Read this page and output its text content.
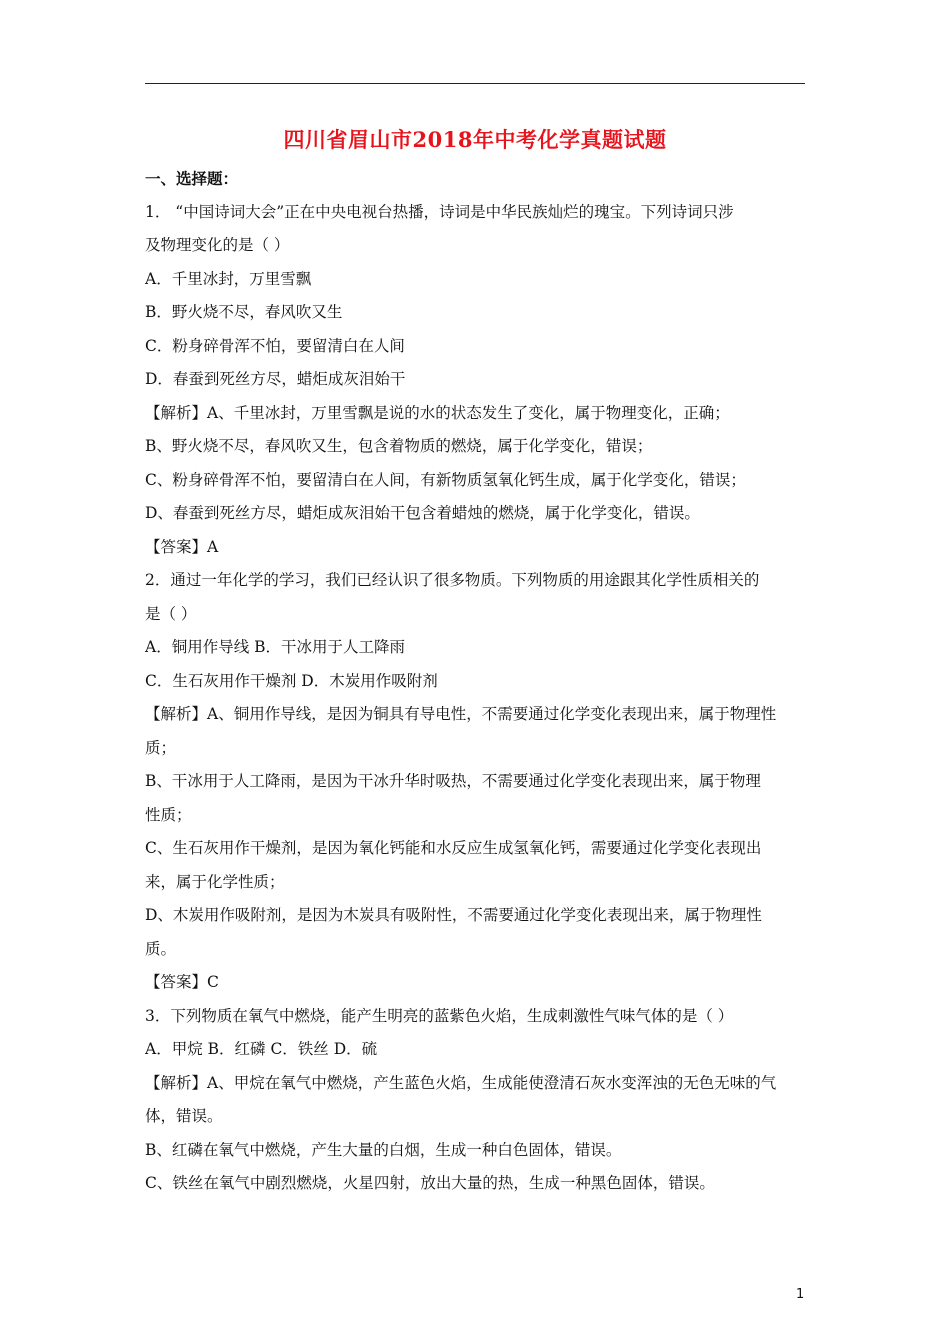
四川省眉山市2018年中考化学真题试题
一、选择题：
1． “中国诗词大会”正在中央电视台热播，诗词是中华民族灿烂的瑰宝。下列诗词只涉
及物理变化的是（ ）
A．千里冰封，万里雪飘
B．野火烧不尽，春风吹又生
C．粉身碎骨浑不怕，要留清白在人间
D．春蚕到死丝方尽，蜡炬成灰泪始干
【解析】A、千里冰封，万里雪飘是说的水的状态发生了变化，属于物理变化，正确；
B、野火烧不尽，春风吹又生，包含着物质的燃烧，属于化学变化，错误；
C、粉身碎骨浑不怕，要留清白在人间，有新物质氢氧化钙生成，属于化学变化，错误；
D、春蚕到死丝方尽，蜡炬成灰泪始干包含着蜡烛的燃烧，属于化学变化，错误。
【答案】A
2．通过一年化学的学习，我们已经认识了很多物质。下列物质的用途跟其化学性质相关的
是（ ）
A．铜用作导线 B．干冰用于人工降雨
C．生石灰用作干燥剂 D．木炭用作吸附剂
【解析】A、铜用作导线，是因为铜具有导电性，不需要通过化学变化表现出来，属于物理性
质；
B、干冰用于人工降雨，是因为干冰升华时吸热，不需要通过化学变化表现出来，属于物理
性质；
C、生石灰用作干燥剂，是因为氧化钙能和水反应生成氢氧化钙，需要通过化学变化表现出
来，属于化学性质；
D、木炭用作吸附剂，是因为木炭具有吸附性，不需要通过化学变化表现出来，属于物理性
质。
【答案】C
3．下列物质在氧气中燃烧，能产生明亮的蓝紫色火焰，生成刺激性气味气体的是（ ）
A．甲烷 B．红磷 C．铁丝 D．硫
【解析】A、甲烷在氧气中燃烧，产生蓝色火焰，生成能使澄清石灰水变浑浊的无色无味的气
体，错误。
B、红磷在氧气中燃烧，产生大量的白烟，生成一种白色固体，错误。
C、铁丝在氧气中剧烈燃烧，火星四射，放出大量的热，生成一种黑色固体，错误。
1
